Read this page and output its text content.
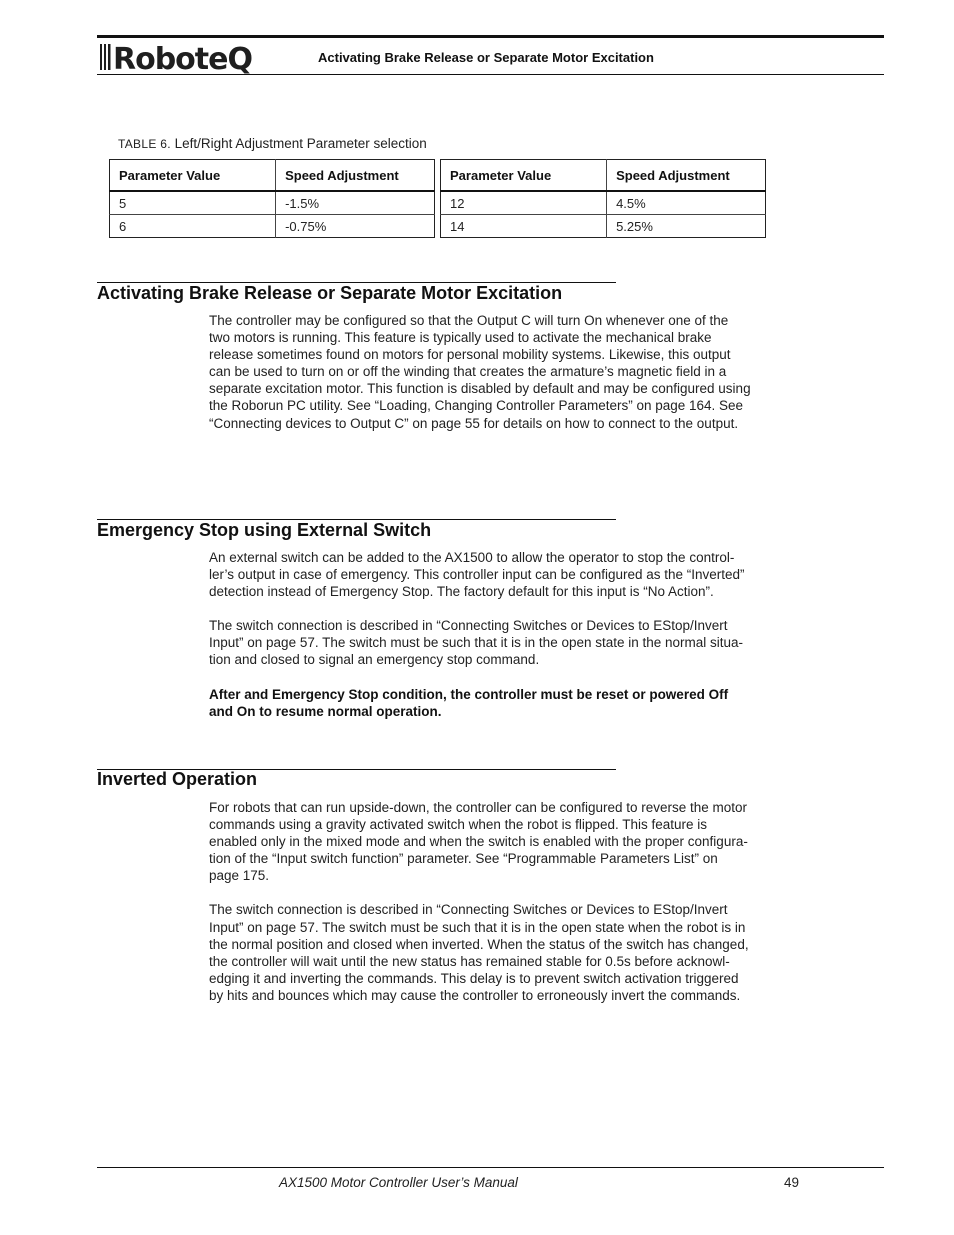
RoboteQ	Activating Brake Release or Separate Motor Excitation
TABLE 6. Left/Right Adjustment Parameter selection
Parameter Value	Speed Adjustment
5	-1.5%
6	-0.75%
Parameter Value	Speed Adjustment
12	4.5%
14	5.25%
Activating Brake Release or Separate Motor Excitation

The controller may be configured so that the Output C will turn On whenever one of the
two motors is running. This feature is typically used to activate the mechanical brake
release sometimes found on motors for personal mobility systems. Likewise, this output
can be used to turn on or off the winding that creates the armature’s magnetic field in a
separate excitation motor. This function is disabled by default and may be configured using
the Roborun PC utility. See “Loading, Changing Controller Parameters” on page 164. See
“Connecting devices to Output C” on page 55 for details on how to connect to the output.

Emergency Stop using External Switch

An external switch can be added to the AX1500 to allow the operator to stop the control-
ler’s output in case of emergency. This controller input can be configured as the “Inverted”
detection instead of Emergency Stop. The factory default for this input is “No Action”.

The switch connection is described in “Connecting Switches or Devices to EStop/Invert
Input” on page 57. The switch must be such that it is in the open state in the normal situa-
tion and closed to signal an emergency stop command.

After and Emergency Stop condition, the controller must be reset or powered Off
and On to resume normal operation.

Inverted Operation

For robots that can run upside-down, the controller can be configured to reverse the motor
commands using a gravity activated switch when the robot is flipped. This feature is
enabled only in the mixed mode and when the switch is enabled with the proper configura-
tion of the “Input switch function” parameter. See “Programmable Parameters List” on
page 175.

The switch connection is described in “Connecting Switches or Devices to EStop/Invert
Input” on page 57. The switch must be such that it is in the open state when the robot is in
the normal position and closed when inverted. When the status of the switch has changed,
the controller will wait until the new status has remained stable for 0.5s before acknowl-
edging it and inverting the commands. This delay is to prevent switch activation triggered
by hits and bounces which may cause the controller to erroneously invert the commands.

AX1500 Motor Controller User’s Manual	49
